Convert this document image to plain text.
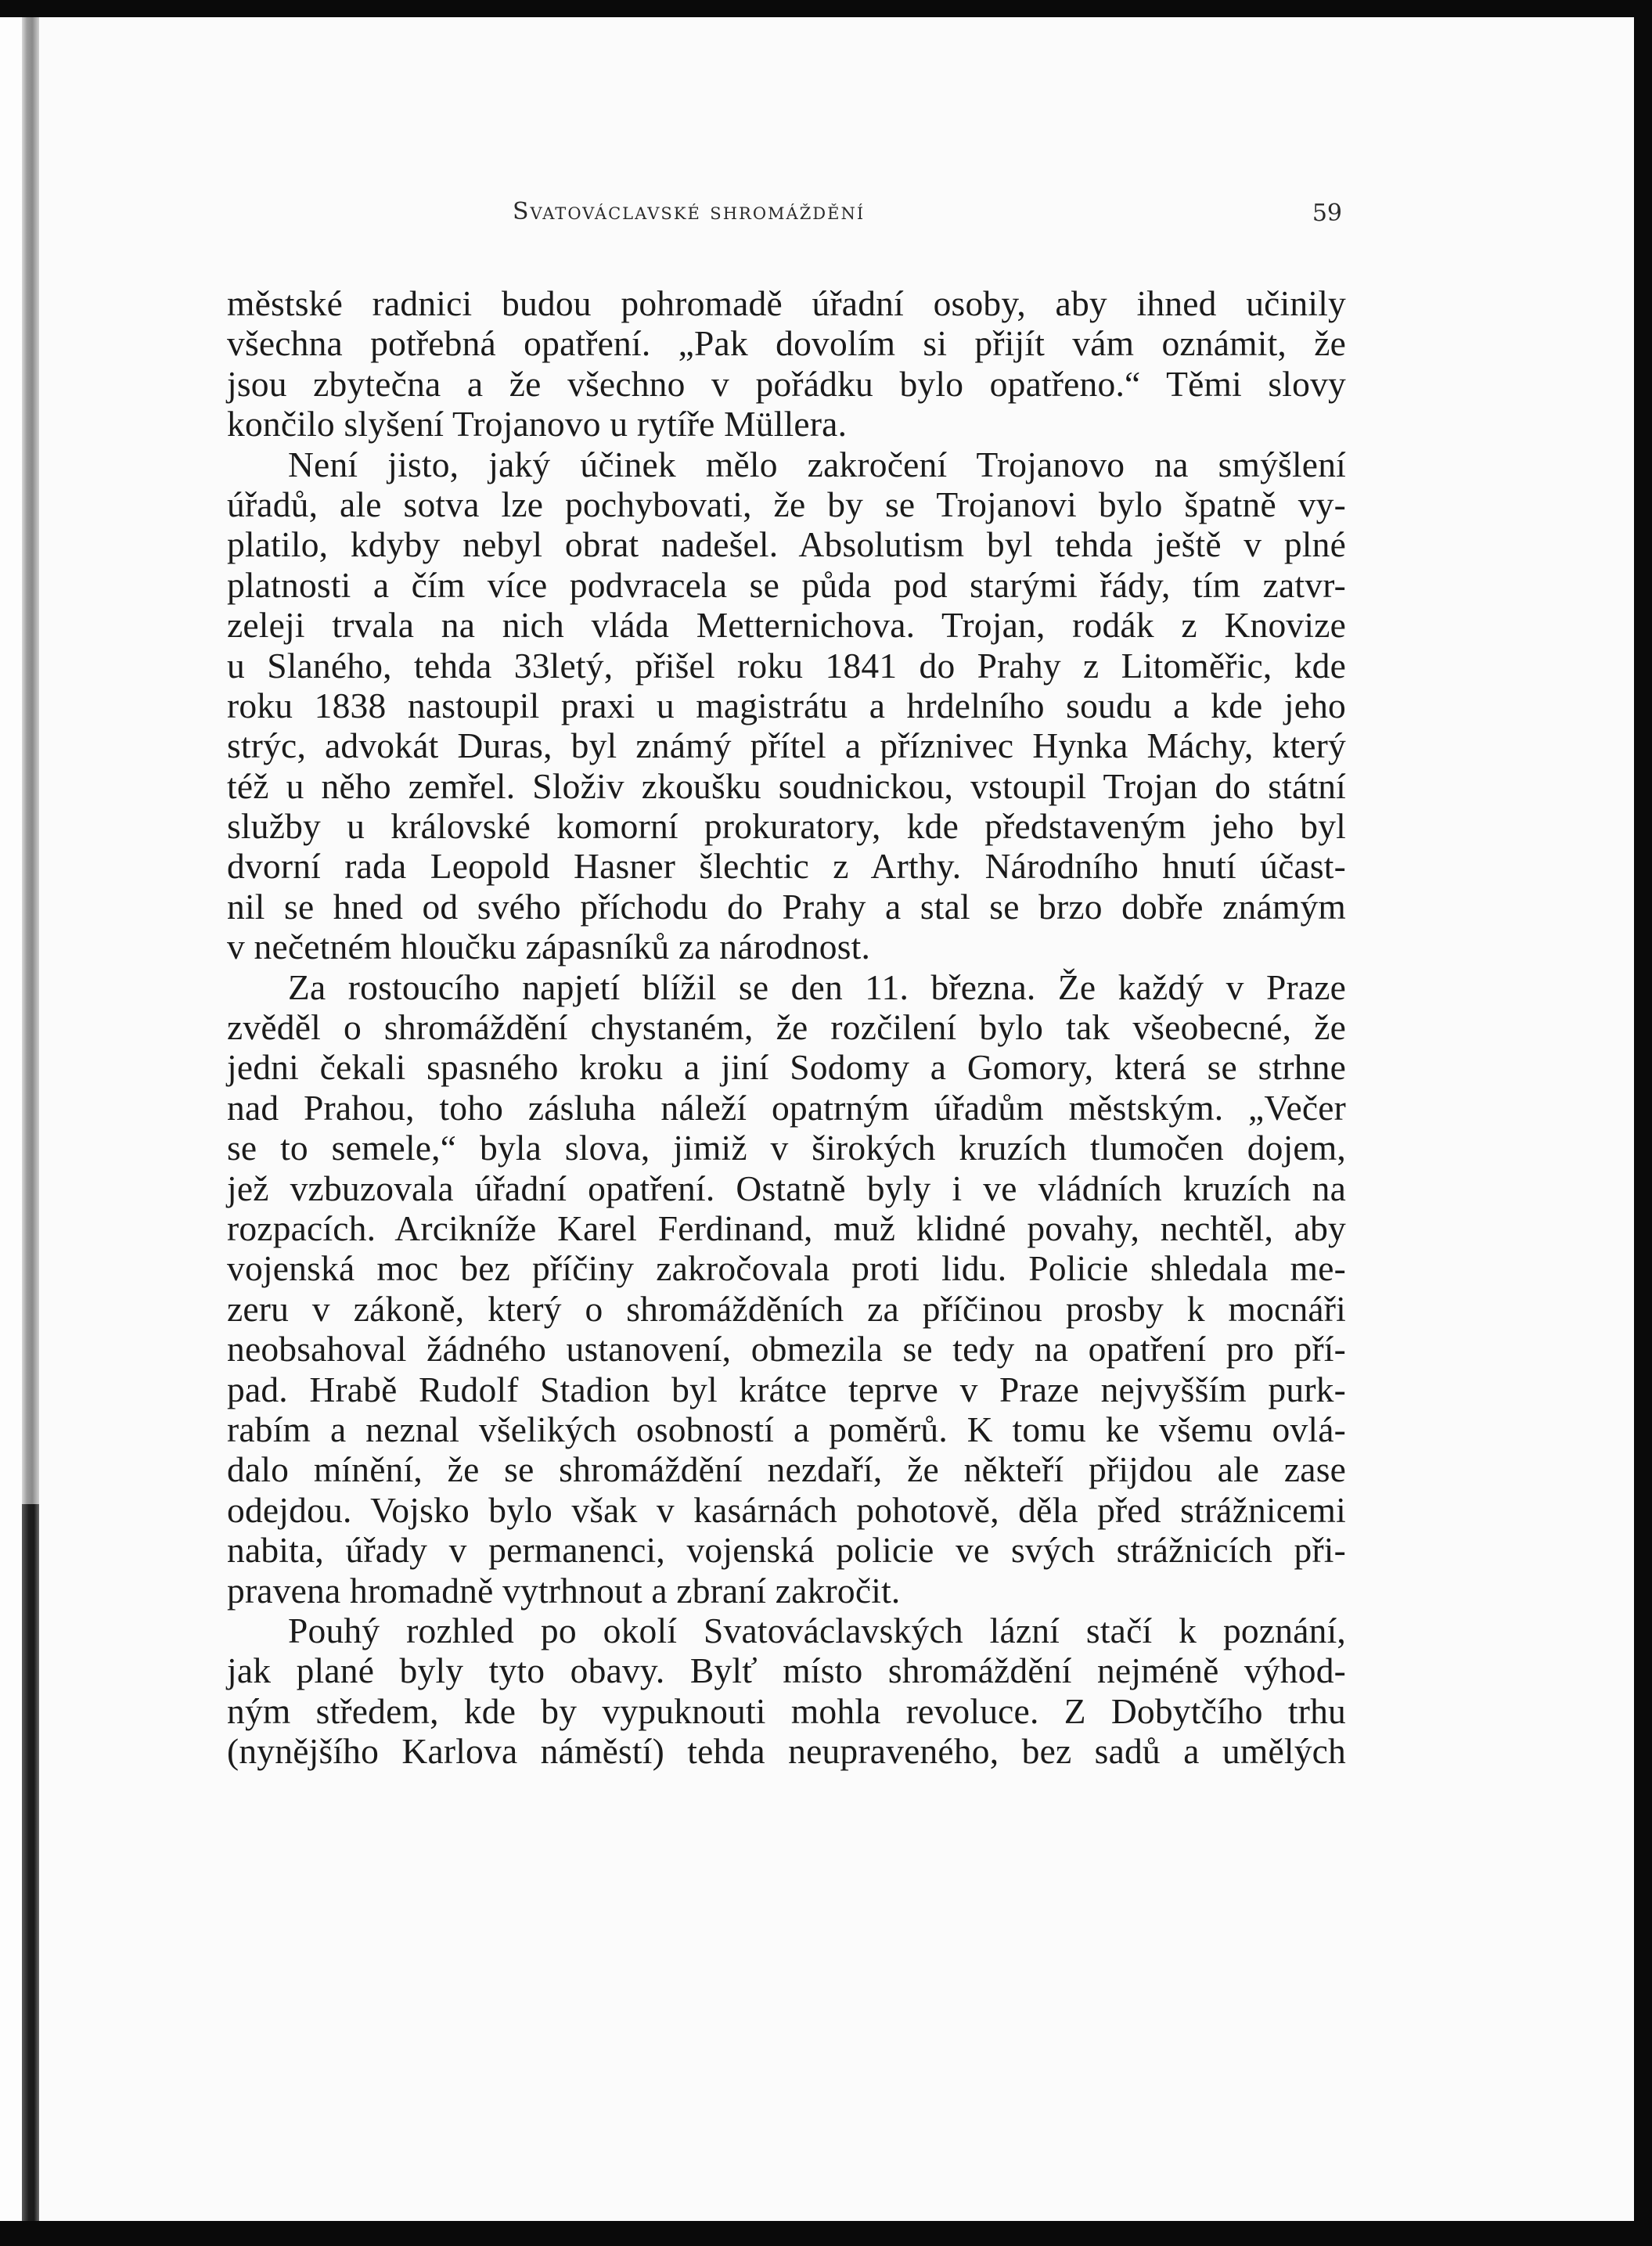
Svatováclavské shromáždění	59
městské radnici budou pohromadě úřadní osoby, aby ihned učinily
všechna potřebná opatření. „Pak dovolím si přijít vám oznámit, že
jsou zbytečna a že všechno v pořádku bylo opatřeno.“ Těmi slovy
končilo slyšení Trojanovo u rytíře Müllera.
Není jisto, jaký účinek mělo zakročení Trojanovo na smýšlení
úřadů, ale sotva lze pochybovati, že by se Trojanovi bylo špatně vy-
platilo, kdyby nebyl obrat nadešel. Absolutism byl tehda ještě v plné
platnosti a čím více podvracela se půda pod starými řády, tím zatvr-
zeleji trvala na nich vláda Metternichova. Trojan, rodák z Knovize
u Slaného, tehda 33letý, přišel roku 1841 do Prahy z Litoměřic, kde
roku 1838 nastoupil praxi u magistrátu a hrdelního soudu a kde jeho
strýc, advokát Duras, byl známý přítel a příznivec Hynka Máchy, který
též u něho zemřel. Složiv zkoušku soudnickou, vstoupil Trojan do státní
služby u královské komorní prokuratory, kde představeným jeho byl
dvorní rada Leopold Hasner šlechtic z Arthy. Národního hnutí účast-
nil se hned od svého příchodu do Prahy a stal se brzo dobře známým
v nečetném hloučku zápasníků za národnost.
Za rostoucího napjetí blížil se den 11. března. Že každý v Praze
zvěděl o shromáždění chystaném, že rozčilení bylo tak všeobecné, že
jedni čekali spasného kroku a jiní Sodomy a Gomory, která se strhne
nad Prahou, toho zásluha náleží opatrným úřadům městským. „Večer
se to semele,“ byla slova, jimiž v širokých kruzích tlumočen dojem,
jež vzbuzovala úřadní opatření. Ostatně byly i ve vládních kruzích na
rozpacích. Arcikníže Karel Ferdinand, muž klidné povahy, nechtěl, aby
vojenská moc bez příčiny zakročovala proti lidu. Policie shledala me-
zeru v zákoně, který o shromážděních za příčinou prosby k mocnáři
neobsahoval žádného ustanovení, obmezila se tedy na opatření pro pří-
pad. Hrabě Rudolf Stadion byl krátce teprve v Praze nejvyšším purk-
rabím a neznal všelikých osobností a poměrů. K tomu ke všemu ovlá-
dalo mínění, že se shromáždění nezdaří, že někteří přijdou ale zase
odejdou. Vojsko bylo však v kasárnách pohotově, děla před strážnicemi
nabita, úřady v permanenci, vojenská policie ve svých strážnicích při-
pravena hromadně vytrhnout a zbraní zakročit.
Pouhý rozhled po okolí Svatováclavských lázní stačí k poznání,
jak plané byly tyto obavy. Bylť místo shromáždění nejméně výhod-
ným středem, kde by vypuknouti mohla revoluce. Z Dobytčího trhu
(nynějšího Karlova náměstí) tehda neupraveného, bez sadů a umělých
